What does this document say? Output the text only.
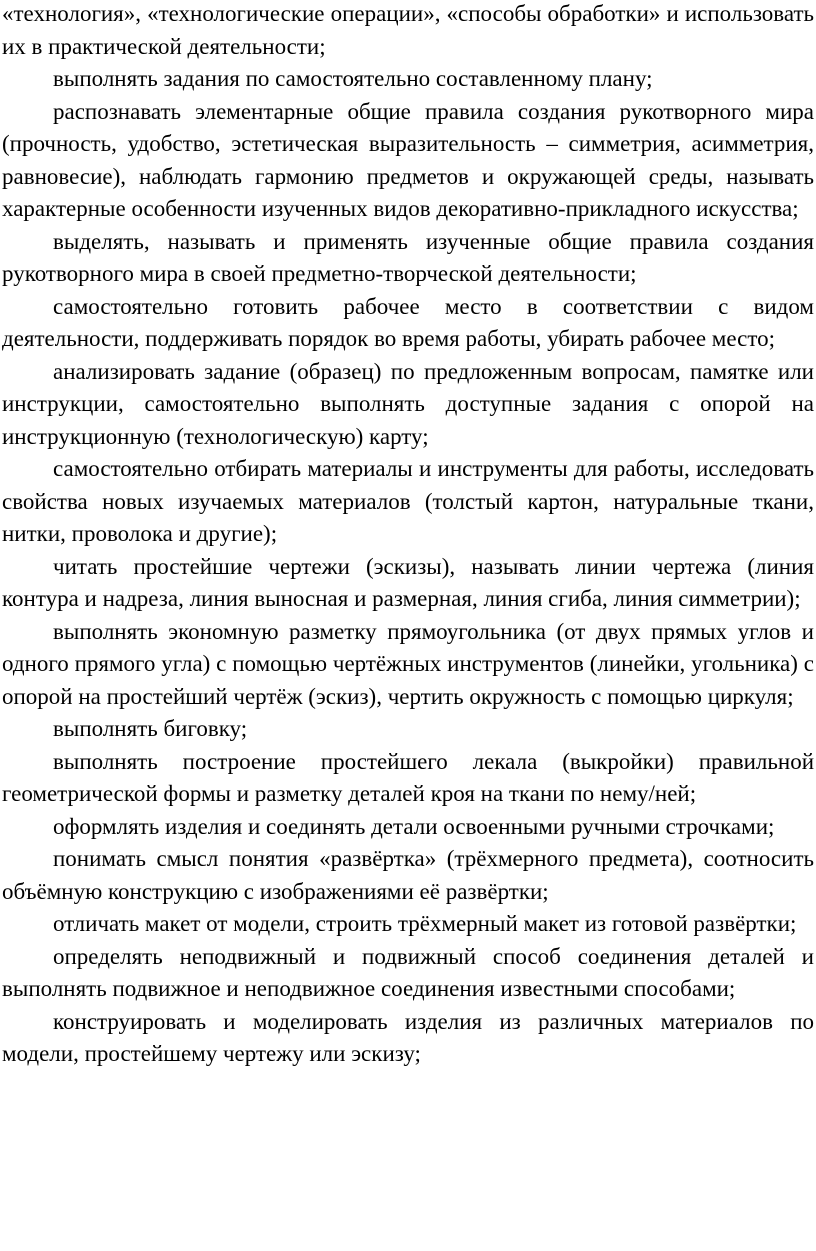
«технология», «технологические операции», «способы обработки» и использовать их в практической деятельности;

выполнять задания по самостоятельно составленному плану;

распознавать элементарные общие правила создания рукотворного мира (прочность, удобство, эстетическая выразительность – симметрия, асимметрия, равновесие), наблюдать гармонию предметов и окружающей среды, называть характерные особенности изученных видов декоративно-прикладного искусства;

выделять, называть и применять изученные общие правила создания рукотворного мира в своей предметно-творческой деятельности;

самостоятельно готовить рабочее место в соответствии с видом деятельности, поддерживать порядок во время работы, убирать рабочее место;

анализировать задание (образец) по предложенным вопросам, памятке или инструкции, самостоятельно выполнять доступные задания с опорой на инструкционную (технологическую) карту;

самостоятельно отбирать материалы и инструменты для работы, исследовать свойства новых изучаемых материалов (толстый картон, натуральные ткани, нитки, проволока и другие);

читать простейшие чертежи (эскизы), называть линии чертежа (линия контура и надреза, линия выносная и размерная, линия сгиба, линия симметрии);

выполнять экономную разметку прямоугольника (от двух прямых углов и одного прямого угла) с помощью чертёжных инструментов (линейки, угольника) с опорой на простейший чертёж (эскиз), чертить окружность с помощью циркуля;

выполнять биговку;

выполнять построение простейшего лекала (выкройки) правильной геометрической формы и разметку деталей кроя на ткани по нему/ней;

оформлять изделия и соединять детали освоенными ручными строчками;

понимать смысл понятия «развёртка» (трёхмерного предмета), соотносить объёмную конструкцию с изображениями её развёртки;

отличать макет от модели, строить трёхмерный макет из готовой развёртки;

определять неподвижный и подвижный способ соединения деталей и выполнять подвижное и неподвижное соединения известными способами;

конструировать и моделировать изделия из различных материалов по модели, простейшему чертежу или эскизу;
